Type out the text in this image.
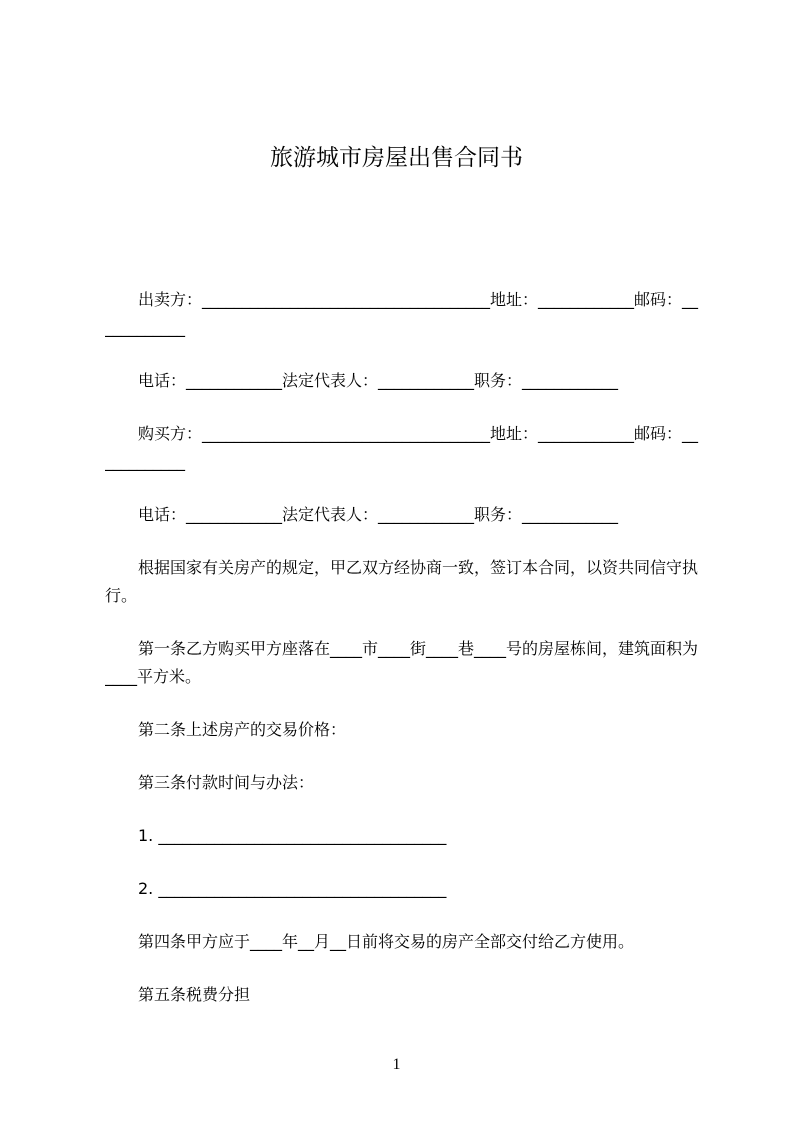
旅游城市房屋出售合同书

出卖方：____________________________________地址：____________邮码：__
__________

电话：____________法定代表人：____________职务：____________

购买方：____________________________________地址：____________邮码：__
__________

电话：____________法定代表人：____________职务：____________

根据国家有关房产的规定，甲乙双方经协商一致，签订本合同，以资共同信守执
行。

第一条乙方购买甲方座落在____市____街____巷____号的房屋栋间，建筑面积为
____平方米。

第二条上述房产的交易价格：

第三条付款时间与办法：

1. ____________________________________

2. ____________________________________

第四条甲方应于____年__月__日前将交易的房产全部交付给乙方使用。

第五条税费分担

1
